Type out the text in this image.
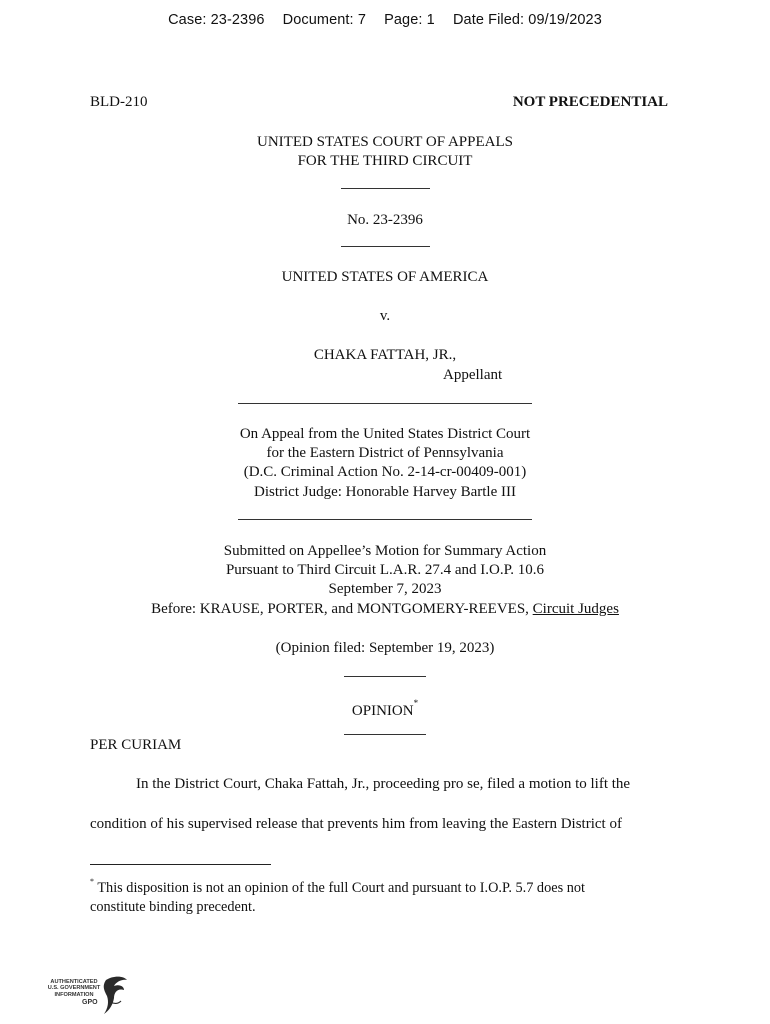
Case: 23-2396 Document: 7 Page: 1 Date Filed: 09/19/2023
BLD-210	NOT PRECEDENTIAL
UNITED STATES COURT OF APPEALS
FOR THE THIRD CIRCUIT
No. 23-2396
UNITED STATES OF AMERICA
v.
CHAKA FATTAH, JR.,
Appellant
On Appeal from the United States District Court
for the Eastern District of Pennsylvania
(D.C. Criminal Action No. 2-14-cr-00409-001)
District Judge: Honorable Harvey Bartle III
Submitted on Appellee’s Motion for Summary Action
Pursuant to Third Circuit L.A.R. 27.4 and I.O.P. 10.6
September 7, 2023
Before: KRAUSE, PORTER, and MONTGOMERY-REEVES, Circuit Judges
(Opinion filed: September 19, 2023)
OPINION*
PER CURIAM
In the District Court, Chaka Fattah, Jr., proceeding pro se, filed a motion to lift the
condition of his supervised release that prevents him from leaving the Eastern District of
* This disposition is not an opinion of the full Court and pursuant to I.O.P. 5.7 does not
constitute binding precedent.
AUTHENTICATED
U.S. GOVERNMENT
INFORMATION
GPO
